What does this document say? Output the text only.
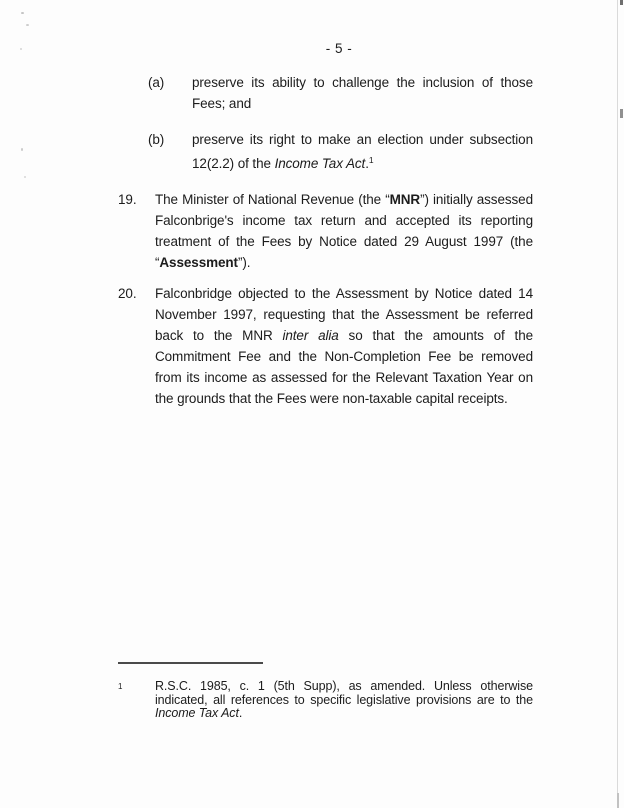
- 5 -
(a)	preserve its ability to challenge the inclusion of those Fees; and
(b)	preserve its right to make an election under subsection 12(2.2) of the Income Tax Act.$^1$
19.	The Minister of National Revenue (the “MNR”) initially assessed Falconbrige's income tax return and accepted its reporting treatment of the Fees by Notice dated 29 August 1997 (the “Assessment”).
20.	Falconbridge objected to the Assessment by Notice dated 14 November 1997, requesting that the Assessment be referred back to the MNR inter alia so that the amounts of the Commitment Fee and the Non-Completion Fee be removed from its income as assessed for the Relevant Taxation Year on the grounds that the Fees were non-taxable capital receipts.
1	R.S.C. 1985, c. 1 (5th Supp), as amended. Unless otherwise indicated, all references to specific legislative provisions are to the Income Tax Act.
